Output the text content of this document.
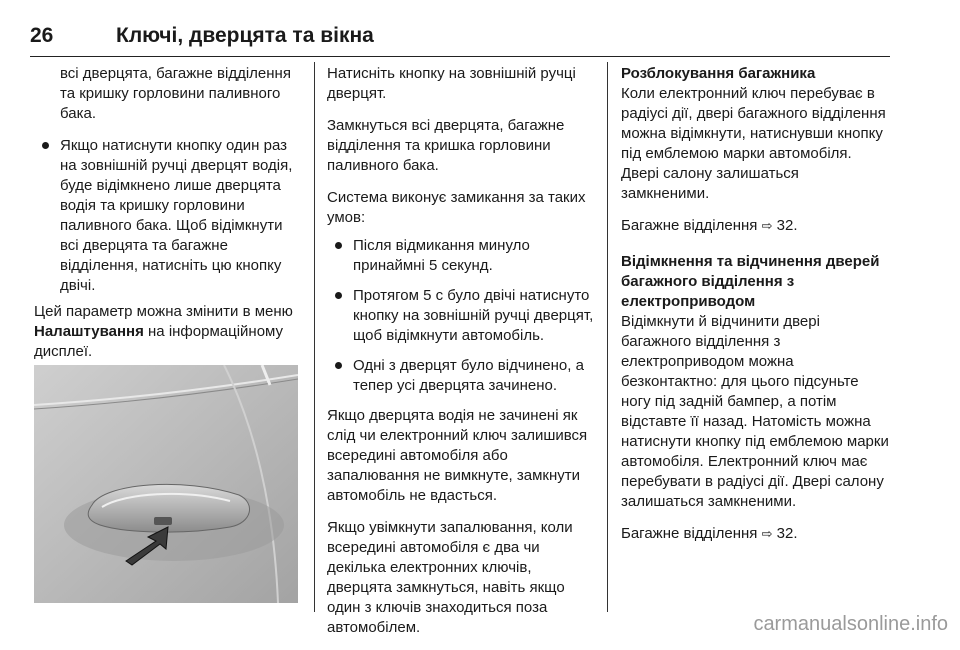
26	Ключі, дверцята та вікна

всі дверцята, багажне відділення та кришку горловини паливного бака.

Якщо натиснути кнопку один раз на зовнішній ручці дверцят водія, буде відімкнено лише дверцята водія та кришку горловини паливного бака. Щоб відімкнути всі дверцята та багажне відділення, натисніть цю кнопку двічі.

Цей параметр можна змінити в меню Налаштування на інформаційному дисплеї.

Натисніть кнопку на зовнішній ручці дверцят.

Замкнуться всі дверцята, багажне відділення та кришка горловини паливного бака.

Система виконує замикання за таких умов:

Після відмикання минуло принаймні 5 секунд.
Протягом 5 с було двічі натиснуто кнопку на зовнішній ручці дверцят, щоб відімкнути автомобіль.
Одні з дверцят було відчинено, а тепер усі дверцята зачинено.

Якщо дверцята водія не зачинені як слід чи електронний ключ залишився всередині автомобіля або запалювання не вимкнуте, замкнути автомобіль не вдасться.

Якщо увімкнути запалювання, коли всередині автомобіля є два чи декілька електронних ключів, дверцята замкнуться, навіть якщо один з ключів знаходиться поза автомобілем.

Розблокування багажника

Коли електронний ключ перебуває в радіусі дії, двері багажного відділення можна відімкнути, натиснувши кнопку під емблемою марки автомобіля. Двері салону залишаться замкненими.

Багажне відділення ⇨ 32.

Відімкнення та відчинення дверей багажного відділення з електроприводом

Відімкнути й відчинити двері багажного відділення з електроприводом можна безконтактно: для цього підсуньте ногу під задній бампер, а потім відставте її назад. Натомість можна натиснути кнопку під емблемою марки автомобіля. Електронний ключ має перебувати в радіусі дії. Двері салону залишаться замкненими.

Багажне відділення ⇨ 32.

carmanualsonline.info
